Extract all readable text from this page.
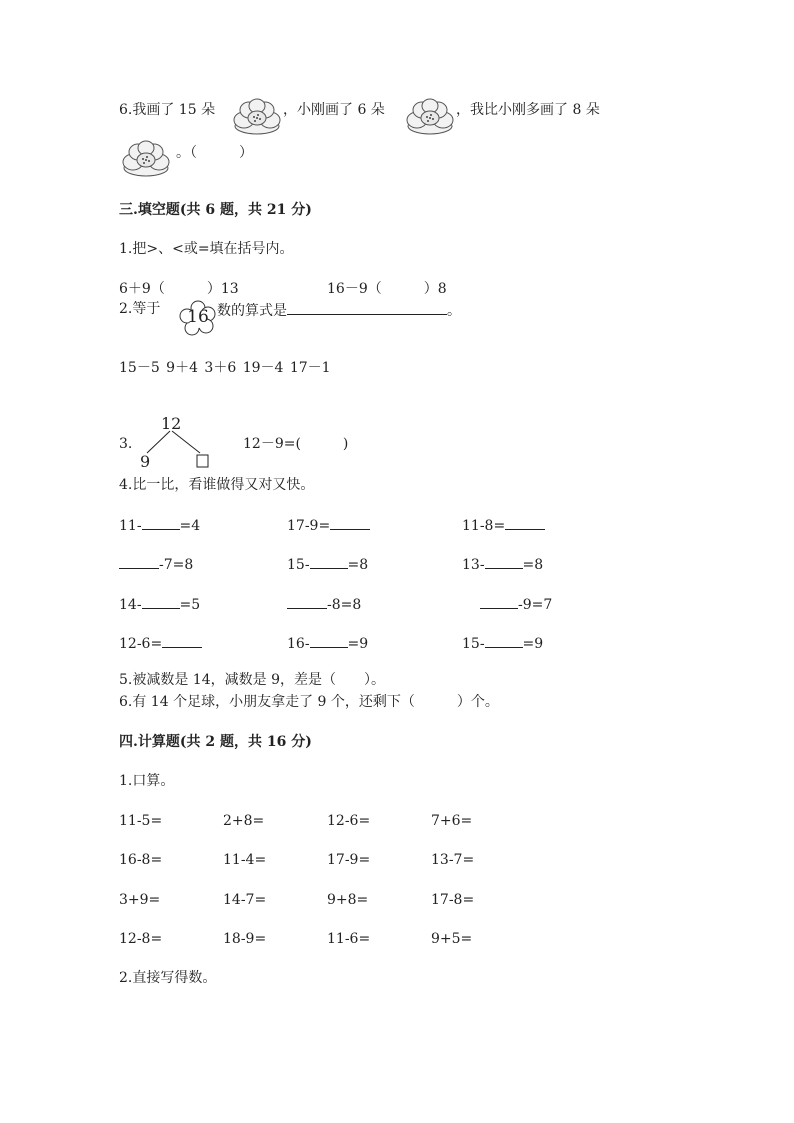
6.我画了 15 朵	，小刚画了 6 朵	，我比小刚多画了 8 朵
。（　　　）
三.填空题(共 6 题，共 21 分)
1.把>、<或=填在括号内。
6＋9（　　　）13	16－9（　　　）8
2.等于	16 数的算式是	。
15－5 9＋4 3＋6 19－4 17－1
3.
12
9
12－9=(　　　)
4.比一比，看谁做得又对又快。
11-	=4	17-9=	11-8=
-7=8	15-	=8	13-	=8
14-	=5	-8=8	-9=7
12-6=	16-	=9	15-	=9
5.被减数是 14，减数是 9，差是（　　）。
6.有 14 个足球，小朋友拿走了 9 个，还剩下（　　　）个。
四.计算题(共 2 题，共 16 分)
1.口算。
11-5=	2+8=	12-6=	7+6=
16-8=	11-4=	17-9=	13-7=
3+9=	14-7=	9+8=	17-8=
12-8=	18-9=	11-6=	9+5=
2.直接写得数。
